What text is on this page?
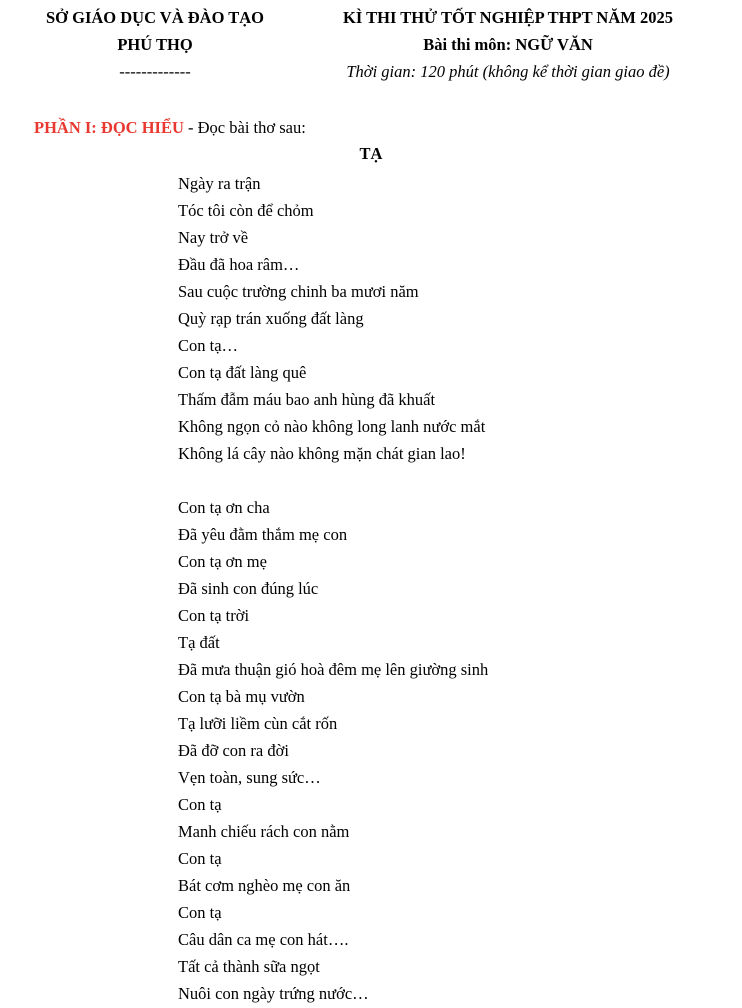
SỞ GIÁO DỤC VÀ ĐÀO TẠO
PHÚ THỌ
-------------
KÌ THI THỬ TỐT NGHIỆP THPT NĂM 2025
Bài thi môn: NGỮ VĂN
Thời gian: 120 phút (không kể thời gian giao đề)
PHẦN I: ĐỌC HIỂU - Đọc bài thơ sau:
TẠ
Ngày ra trận
Tóc tôi còn để chỏm
Nay trở về
Đầu đã hoa râm…
Sau cuộc trường chinh ba mươi năm
Quỳ rạp trán xuống đất làng
Con tạ…
Con tạ đất làng quê
Thấm đẫm máu bao anh hùng đã khuất
Không ngọn cỏ nào không long lanh nước mắt
Không lá cây nào không mặn chát gian lao!
Con tạ ơn cha
Đã yêu đằm thắm mẹ con
Con tạ ơn mẹ
Đã sinh con đúng lúc
Con tạ trời
Tạ đất
Đã mưa thuận gió hoà đêm mẹ lên giường sinh
Con tạ bà mụ vườn
Tạ lưỡi liềm cùn cắt rốn
Đã đỡ con ra đời
Vẹn toàn, sung sức…
Con tạ
Manh chiếu rách con nằm
Con tạ
Bát cơm nghèo mẹ con ăn
Con tạ
Câu dân ca mẹ con hát….
Tất cả thành sữa ngọt
Nuôi con ngày trứng nước…
